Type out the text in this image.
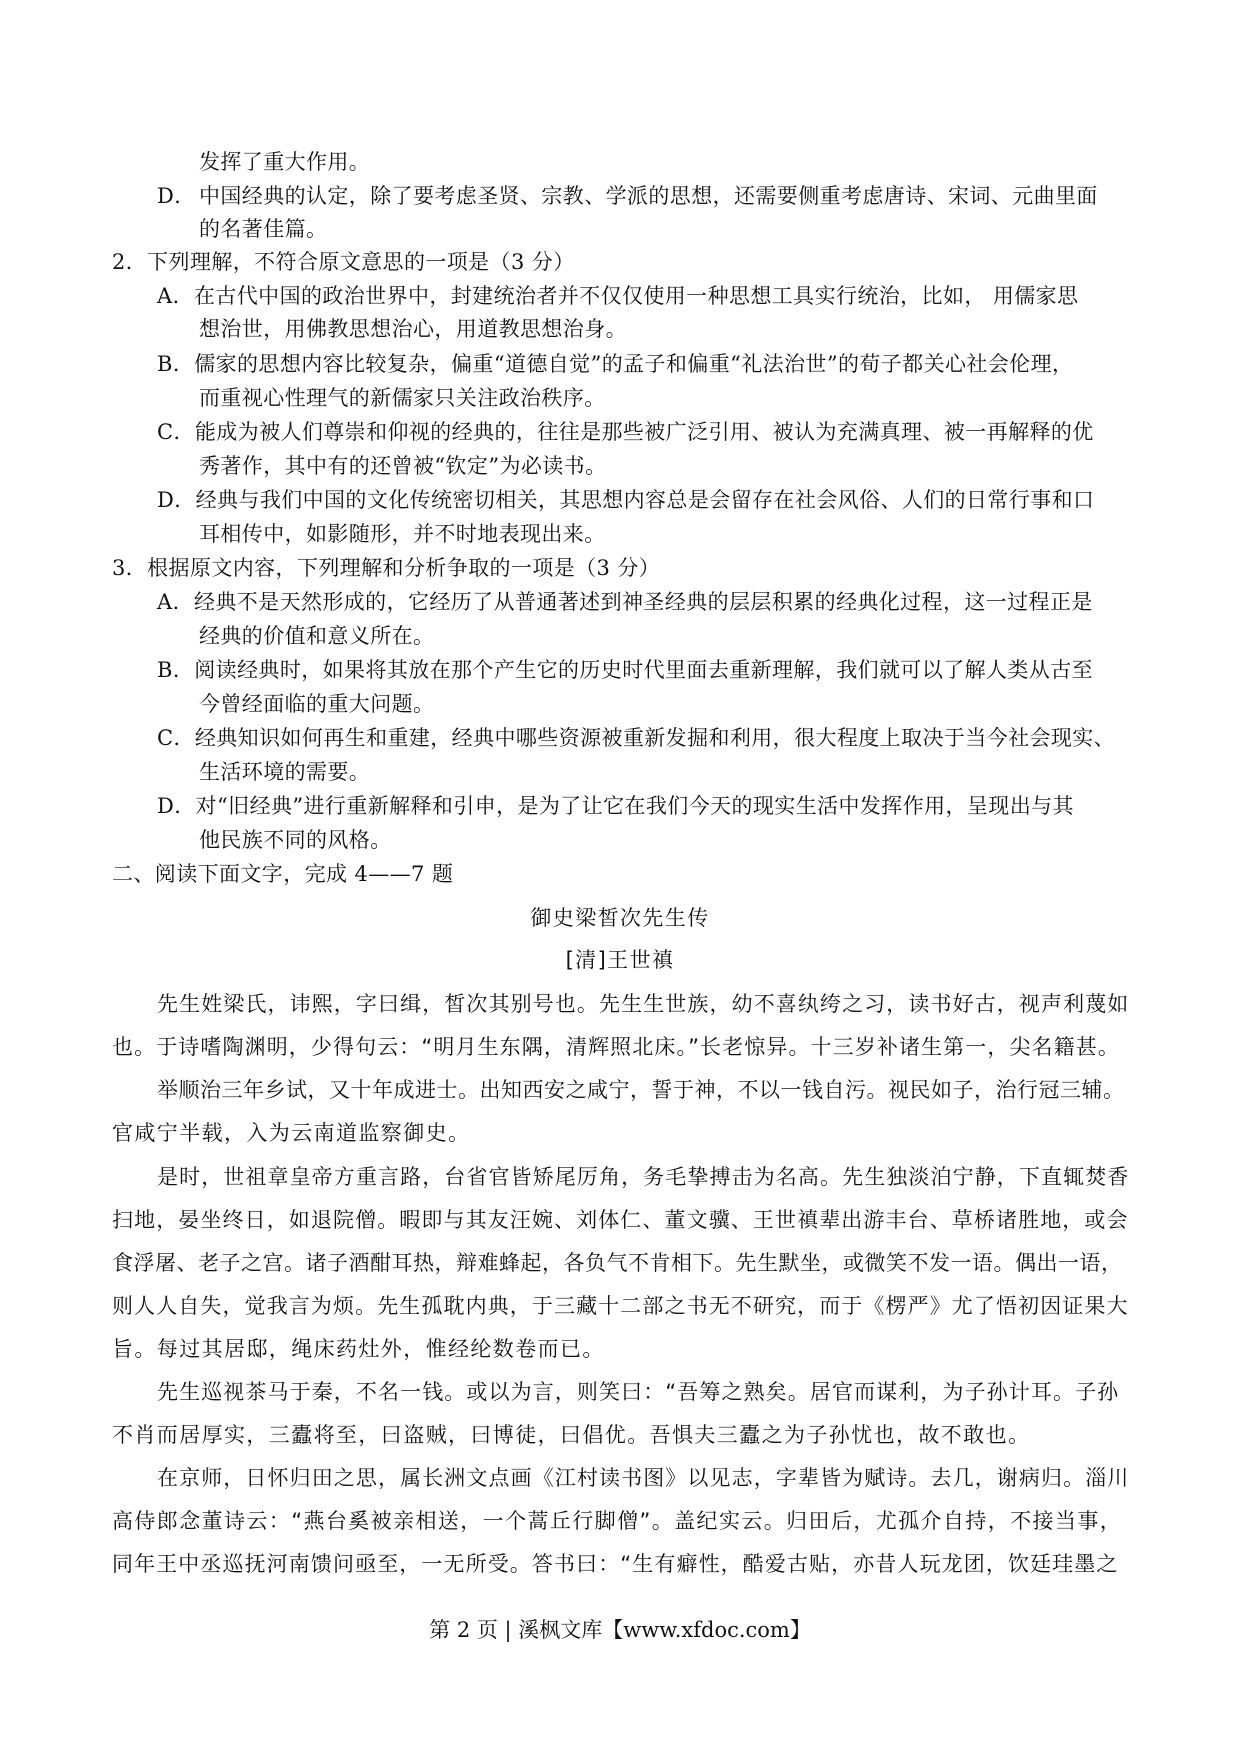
发挥了重大作用。
D． 中国经典的认定，除了要考虑圣贤、宗教、学派的思想，还需要侧重考虑唐诗、宋词、元曲里面
的名著佳篇。
2．下列理解，不符合原文意思的一项是（3 分）
A．在古代中国的政治世界中，封建统治者并不仅仅使用一种思想工具实行统治，比如， 用儒家思
想治世，用佛教思想治心，用道教思想治身。
B．儒家的思想内容比较复杂，偏重“道德自觉”的孟子和偏重“礼法治世”的荀子都关心社会伦理，
而重视心性理气的新儒家只关注政治秩序。
C．能成为被人们尊崇和仰视的经典的，往往是那些被广泛引用、被认为充满真理、被一再解释的优
秀著作，其中有的还曾被“钦定”为必读书。
D．经典与我们中国的文化传统密切相关，其思想内容总是会留存在社会风俗、人们的日常行事和口
耳相传中，如影随形，并不时地表现出来。
3．根据原文内容，下列理解和分析争取的一项是（3 分）
A．经典不是天然形成的，它经历了从普通著述到神圣经典的层层积累的经典化过程，这一过程正是
经典的价值和意义所在。
B．阅读经典时，如果将其放在那个产生它的历史时代里面去重新理解，我们就可以了解人类从古至
今曾经面临的重大问题。
C．经典知识如何再生和重建，经典中哪些资源被重新发掘和利用，很大程度上取决于当今社会现实、
生活环境的需要。
D．对“旧经典”进行重新解释和引申，是为了让它在我们今天的现实生活中发挥作用，呈现出与其
他民族不同的风格。
二、阅读下面文字，完成 4——7 题
御史梁皙次先生传
[清]王世禛
先生姓梁氏，讳熙，字曰缉，皙次其别号也。先生生世族，幼不喜纨绔之习，读书好古，视声利蔑如
也。于诗嗜陶渊明，少得句云：“明月生东隅，清辉照北床。”长老惊异。十三岁补诸生第一，尖名籍甚。
举顺治三年乡试，又十年成进士。出知西安之咸宁，誓于神，不以一钱自污。视民如子，治行冠三辅。
官咸宁半载，入为云南道监察御史。
是时，世祖章皇帝方重言路，台省官皆矫尾厉角，务毛挚搏击为名高。先生独淡泊宁静，下直辄焚香
扫地，晏坐终日，如退院僧。暇即与其友汪婉、刘体仁、董文骥、王世禛辈出游丰台、草桥诸胜地，或会
食浮屠、老子之宫。诸子酒酣耳热，辩难蜂起，各负气不肯相下。先生默坐，或微笑不发一语。偶出一语，
则人人自失，觉我言为烦。先生孤耽内典，于三藏十二部之书无不研究，而于《楞严》尤了悟初因证果大
旨。每过其居邸，绳床药灶外，惟经纶数卷而已。
先生巡视茶马于秦，不名一钱。或以为言，则笑曰：“吾筹之熟矣。居官而谋利，为子孙计耳。子孙
不肖而居厚实，三蠹将至，曰盗贼，曰博徒，曰倡优。吾惧夫三蠹之为子孙忧也，故不敢也。
在京师，日怀归田之思，属长洲文点画《江村读书图》以见志，字辈皆为赋诗。去几，谢病归。淄川
高侍郎念董诗云：“燕台奚被亲相送，一个蒿丘行脚僧”。盖纪实云。归田后，尤孤介自持，不接当事，
同年王中丞巡抚河南馈问亟至，一无所受。答书曰：“生有癖性，酷爱古贴，亦昔人玩龙团，饮廷珪墨之
第 2 页 | 溪枫文库【www.xfdoc.com】
